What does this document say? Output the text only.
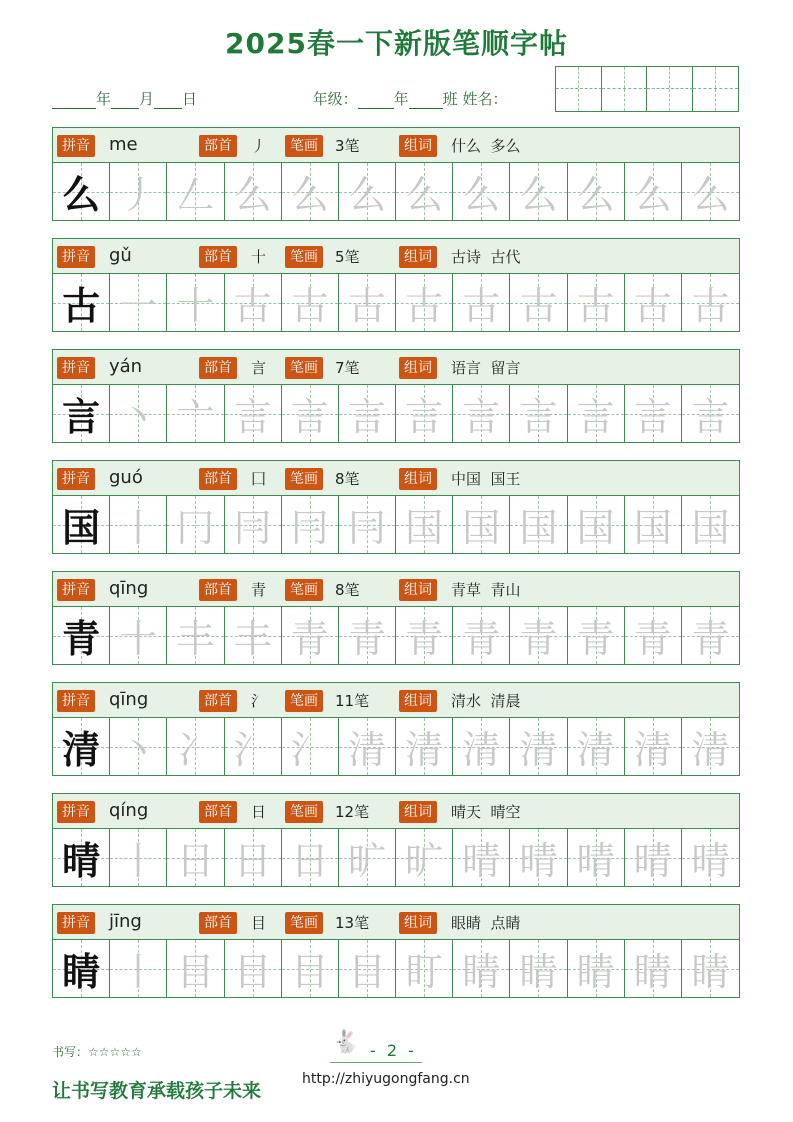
2025春一下新版笔顺字帖
年 月 日	年级： 年 班 姓名：
拼音 me	部首	丿	笔画	3笔	组词	什么  多么
么 丿 𠃋 么 么 么 么 么 么 么 么 么
拼音 gǔ	部首	十	笔画	5笔	组词	古诗  古代
古 一 十 古 古 古 古 古 古 古 古 古
拼音 yán	部首	言	笔画	7笔	组词	语言  留言
言 丶 亠 言 言 言 言 言 言 言 言 言
拼音 guó	部首	囗	笔画	8笔	组词	中国  国王
国 丨 冂 冃 冃 冃 国 国 国 国 国 国
拼音 qīng	部首	青	笔画	8笔	组词	青草  青山
青 十 丰 丰 青 青 青 青 青 青 青 青
拼音 qīng	部首	氵	笔画	11笔	组词	清水  清晨
清 丶 冫 氵 氵 清 清 清 清 清 清 清
拼音 qíng	部首	日	笔画	12笔	组词	晴天  晴空
晴 丨 日 日 日 旷 旷 晴 晴 晴 晴 晴
拼音 jīng	部首	目	笔画	13笔	组词	眼睛  点睛
睛 丨 目 目 目 目 盯 睛 睛 睛 睛 睛
书写：☆☆☆☆☆	🐇 - 2 -
让书写教育承载孩子未来
http://zhiyugongfang.cn
